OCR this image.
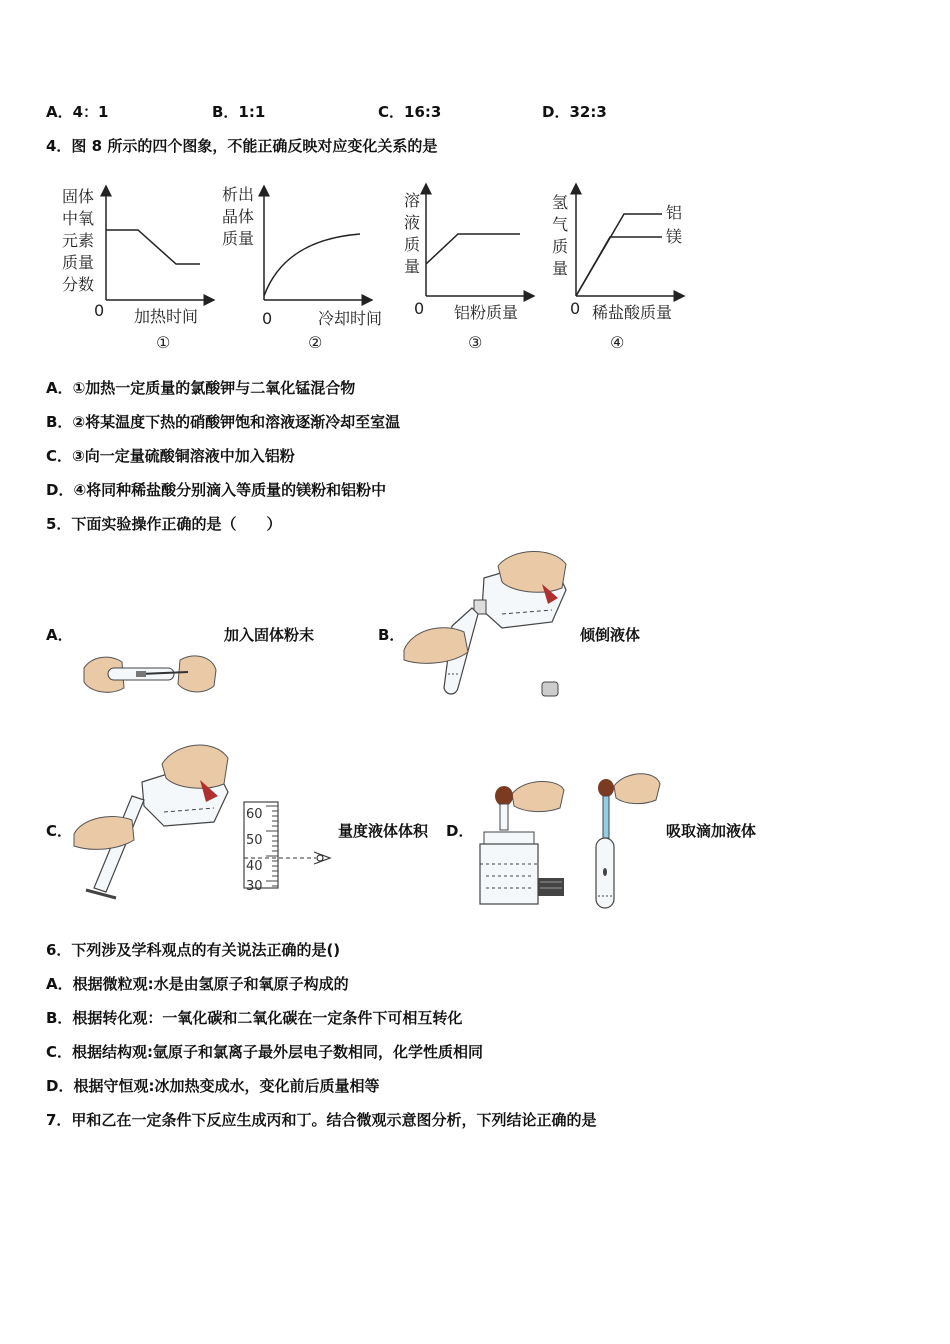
A．4：1	B．1:1	C．16:3	D．32:3
4．图 8 所示的四个图象，不能正确反映对应变化关系的是
固体
中氧
元素
质量
分数
0 加热时间
①
析出
晶体
质量
0	冷却时间
②
溶
液
质
量
0 铝粉质量
③
氢
气
质
量
铝
镁
0 稀盐酸质量
④
A．①加热一定质量的氯酸钾与二氧化锰混合物
B．②将某温度下热的硝酸钾饱和溶液逐渐冷却至室温
C．③向一定量硫酸铜溶液中加入铝粉
D．④将同种稀盐酸分别滴入等质量的镁粉和铝粉中
5．下面实验操作正确的是（　　）
A．	加入固体粉末	B．	倾倒液体
C．	量度液体体积
60
50
40
30
D．	吸取滴加液体
6．下列涉及学科观点的有关说法正确的是()
A．根据微粒观:水是由氢原子和氧原子构成的
B．根据转化观：一氧化碳和二氧化碳在一定条件下可相互转化
C．根据结构观:氩原子和氯离子最外层电子数相同，化学性质相同
D．根据守恒观:冰加热变成水，变化前后质量相等
7．甲和乙在一定条件下反应生成丙和丁。结合微观示意图分析，下列结论正确的是
